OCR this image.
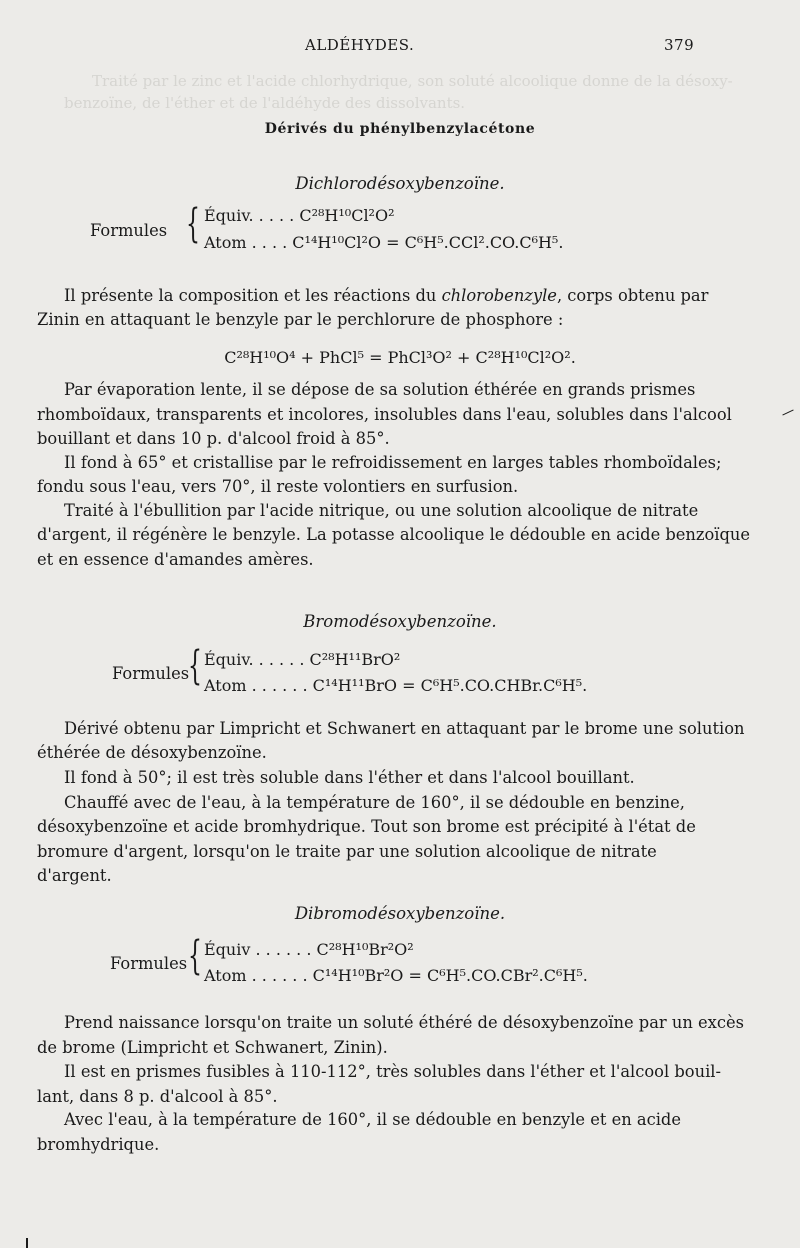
Traité par le zinc et l'acide chlorhydrique, son soluté alcoolique donne de la désoxy-
benzoïne, de l'éther et de l'aldéhyde des dissolvants.
ALDÉHYDES.	379
Dérivés du phénylbenzylacétone
Dichlorodésoxybenzoïne.
Formules { Équiv. . . . . C²⁸H¹⁰Cl²O²
Atom . . . . C¹⁴H¹⁰Cl²O = C⁶H⁵.CCl².CO.C⁶H⁵.
Il présente la composition et les réactions du chlorobenzyle, corps obtenu par
Zinin en attaquant le benzyle par le perchlorure de phosphore :
C²⁸H¹⁰O⁴ + PhCl⁵ = PhCl³O² + C²⁸H¹⁰Cl²O².
Par évaporation lente, il se dépose de sa solution éthérée en grands prismes
rhomboïdaux, transparents et incolores, insolubles dans l'eau, solubles dans l'alcool
bouillant et dans 10 p. d'alcool froid à 85°.
Il fond à 65° et cristallise par le refroidissement en larges tables rhomboïdales;
fondu sous l'eau, vers 70°, il reste volontiers en surfusion.
Traité à l'ébullition par l'acide nitrique, ou une solution alcoolique de nitrate
d'argent, il régénère le benzyle. La potasse alcoolique le dédouble en acide benzoïque
et en essence d'amandes amères.
Bromodésoxybenzoïne.
Formules
{ Équiv. . . . . . C²⁸H¹¹BrO²
Atom . . . . . . C¹⁴H¹¹BrO = C⁶H⁵.CO.CHBr.C⁶H⁵.
Dérivé obtenu par Limpricht et Schwanert en attaquant par le brome une solution
éthérée de désoxybenzoïne.
Il fond à 50°; il est très soluble dans l'éther et dans l'alcool bouillant.
Chauffé avec de l'eau, à la température de 160°, il se dédouble en benzine,
désoxybenzoïne et acide bromhydrique. Tout son brome est précipité à l'état de
bromure d'argent, lorsqu'on le traite par une solution alcoolique de nitrate
d'argent.
Dibromodésoxybenzoïne.
Formules { Équiv . . . . . . C²⁸H¹⁰Br²O²
Atom . . . . . . C¹⁴H¹⁰Br²O = C⁶H⁵.CO.CBr².C⁶H⁵.
Prend naissance lorsqu'on traite un soluté éthéré de désoxybenzoïne par un excès
de brome (Limpricht et Schwanert, Zinin).
Il est en prismes fusibles à 110-112°, très solubles dans l'éther et l'alcool bouil-
lant, dans 8 p. d'alcool à 85°.
Avec l'eau, à la température de 160°, il se dédouble en benzyle et en acide
bromhydrique.
